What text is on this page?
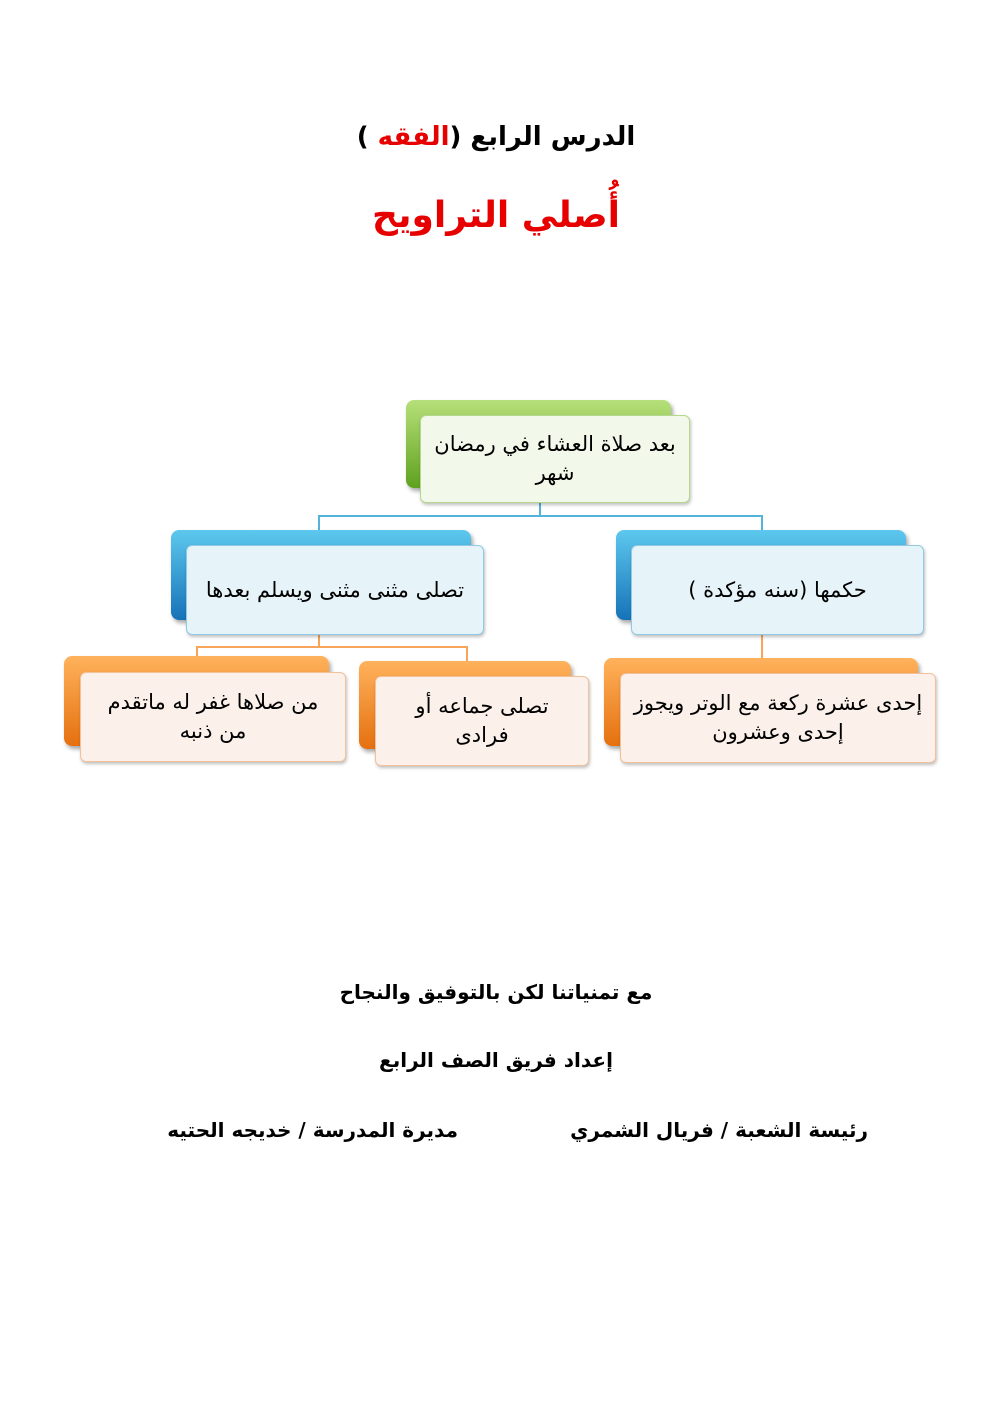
الدرس الرابع (الفقه )
أُصلي التراويح
بعد صلاة العشاء في رمضان شهر
تصلى مثنى مثنى ويسلم بعدها	حكمها (سنه مؤكدة )
من صلاها غفر له ماتقدم من ذنبه
تصلى جماعه أو فرادى
إحدى عشرة ركعة مع الوتر ويجوز إحدى وعشرون
مع تمنياتنا لكن بالتوفيق والنجاح
إعداد فريق الصف الرابع
رئيسة الشعبة / فريال الشمري
مديرة المدرسة / خديجه الحتيه
